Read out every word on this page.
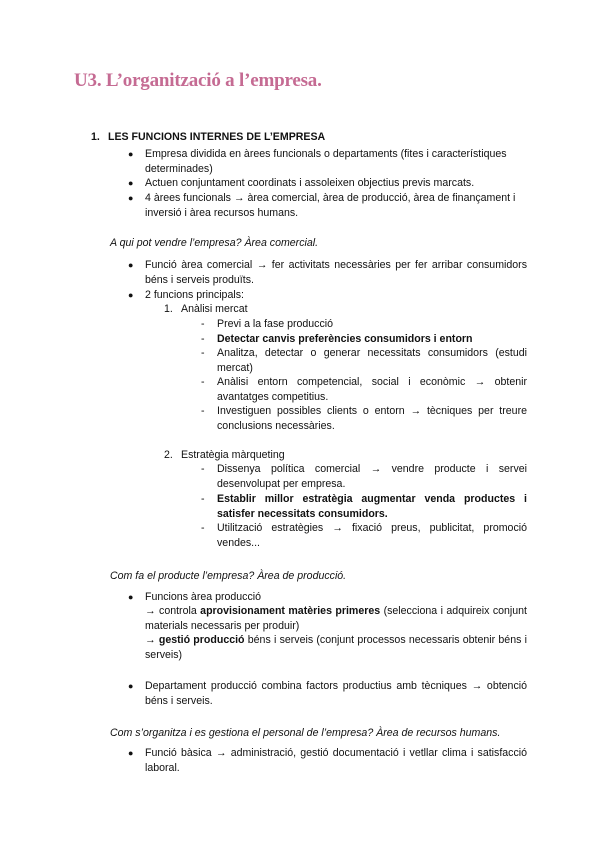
U3. L’organització a l’empresa.
1. LES FUNCIONS INTERNES DE L’EMPRESA
●	Empresa dividida en àrees funcionals o departaments (fites i característiques determinades)
●	Actuen conjuntament coordinats i assoleixen objectius previs marcats.
●	4 àrees funcionals → àrea comercial, àrea de producció, àrea de finançament i inversió i àrea recursos humans.
A qui pot vendre l’empresa? Àrea comercial.
●	Funció àrea comercial → fer activitats necessàries per fer arribar consumidors béns i serveis produïts.
●	2 funcions principals:
1. Anàlisi mercat
-	Previ a la fase producció
-	Detectar canvis preferències consumidors i entorn
-	Analitza, detectar o generar necessitats consumidors (estudi mercat)
-	Anàlisi entorn competencial, social i econòmic → obtenir avantatges competitius.
-	Investiguen possibles clients o entorn → tècniques per treure conclusions necessàries.
2. Estratègia màrqueting
-	Dissenya política comercial → vendre producte i servei desenvolupat per empresa.
-	Establir millor estratègia augmentar venda productes i satisfer necessitats consumidors.
-	Utilització estratègies → fixació preus, publicitat, promoció vendes...
Com fa el producte l’empresa? Àrea de producció.
●	Funcions àrea producció
→ controla aprovisionament matèries primeres (selecciona i adquireix conjunt materials necessaris per produir)
→ gestió producció béns i serveis (conjunt processos necessaris obtenir béns i serveis)
●	Departament producció combina factors productius amb tècniques → obtenció béns i serveis.
Com s’organitza i es gestiona el personal de l’empresa? Àrea de recursos humans.
●	Funció bàsica → administració, gestió documentació i vetllar clima i satisfacció laboral.
